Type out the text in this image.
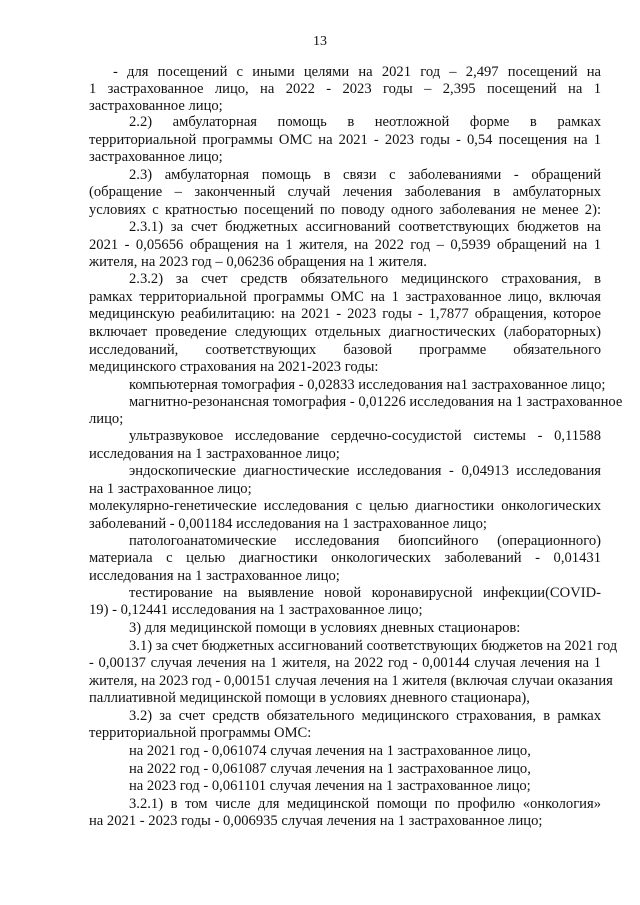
13
- для посещений с иными целями на 2021 год – 2,497 посещений на
1 застрахованное лицо, на 2022 - 2023 годы – 2,395 посещений на 1
застрахованное лицо;
2.2) амбулаторная помощь в неотложной форме в рамках
территориальной программы ОМС на 2021 - 2023 годы - 0,54 посещения на 1
застрахованное лицо;
2.3) амбулаторная помощь в связи с заболеваниями - обращений
(обращение – законченный случай лечения заболевания в амбулаторных
условиях с кратностью посещений по поводу одного заболевания не менее 2):
2.3.1) за счет бюджетных ассигнований соответствующих бюджетов на
2021 - 0,05656 обращения на 1 жителя, на 2022 год – 0,5939 обращений на 1
жителя, на 2023 год – 0,06236 обращения на 1 жителя.
2.3.2) за счет средств обязательного медицинского страхования, в
рамках территориальной программы ОМС на 1 застрахованное лицо, включая
медицинскую реабилитацию: на 2021 - 2023 годы - 1,7877 обращения, которое
включает проведение следующих отдельных диагностических (лабораторных)
исследований, соответствующих базовой программе обязательного
медицинского страхования на 2021-2023 годы:
компьютерная томография - 0,02833 исследования на1 застрахованное лицо;
магнитно-резонансная томография - 0,01226 исследования на 1 застрахованное
лицо;
ультразвуковое исследование сердечно-сосудистой системы - 0,11588
исследования на 1 застрахованное лицо;
эндоскопические диагностические исследования - 0,04913 исследования
на 1 застрахованное лицо;
молекулярно-генетические исследования с целью диагностики онкологических
заболеваний - 0,001184 исследования на 1 застрахованное лицо;
патологоанатомические исследования биопсийного (операционного)
материала с целью диагностики онкологических заболеваний - 0,01431
исследования на 1 застрахованное лицо;
тестирование на выявление новой коронавирусной инфекции(COVID-
19) - 0,12441 исследования на 1 застрахованное лицо;
3) для медицинской помощи в условиях дневных стационаров:
3.1) за счет бюджетных ассигнований соответствующих бюджетов на 2021 год
- 0,00137 случая лечения на 1 жителя, на 2022 год - 0,00144 случая лечения на 1
жителя, на 2023 год - 0,00151 случая лечения на 1 жителя (включая случаи оказания
паллиативной медицинской помощи в условиях дневного стационара),
3.2) за счет средств обязательного медицинского страхования, в рамках
территориальной программы ОМС:
на 2021 год - 0,061074 случая лечения на 1 застрахованное лицо,
на 2022 год - 0,061087 случая лечения на 1 застрахованное лицо,
на 2023 год - 0,061101 случая лечения на 1 застрахованное лицо;
3.2.1) в том числе для медицинской помощи по профилю «онкология»
на 2021 - 2023 годы - 0,006935 случая лечения на 1 застрахованное лицо;
